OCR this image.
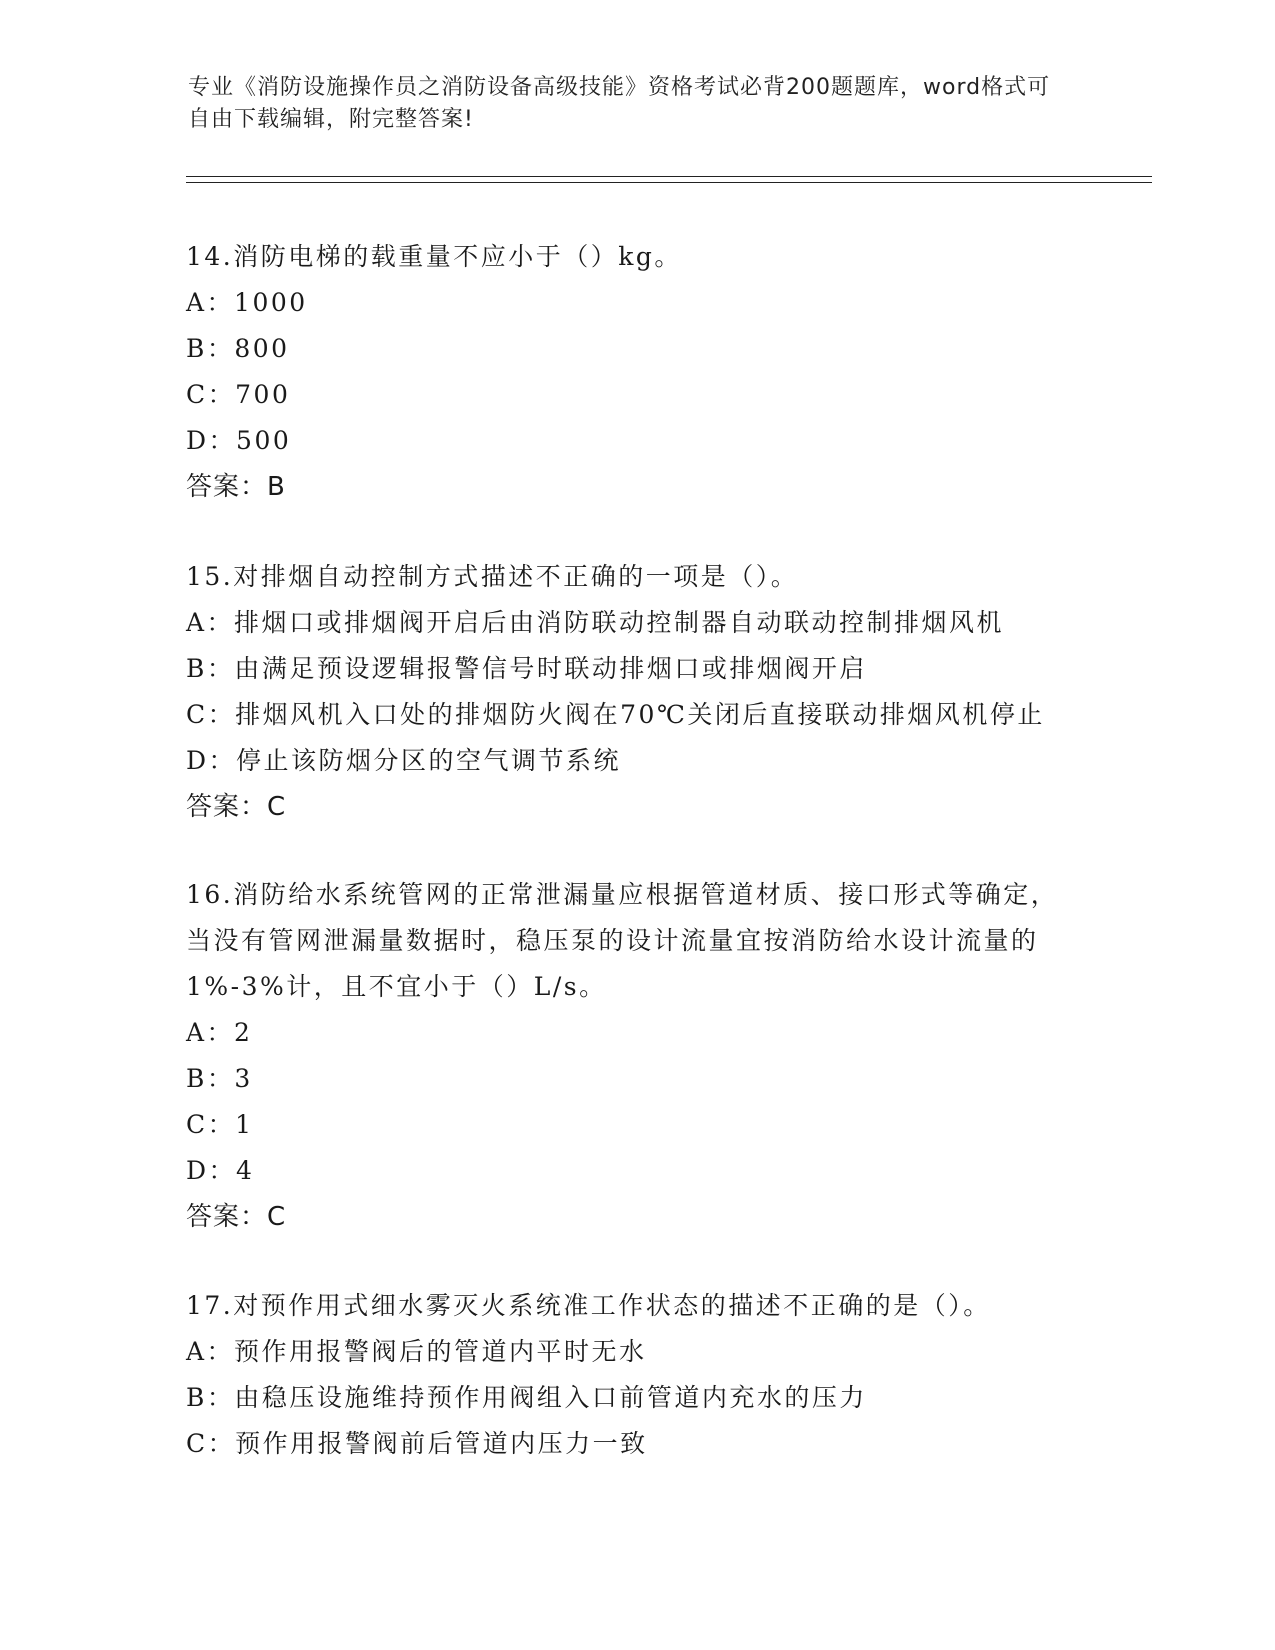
专业《消防设施操作员之消防设备高级技能》资格考试必背200题题库，word格式可自由下载编辑，附完整答案!
14.消防电梯的载重量不应小于（）kg。
A：1000
B：800
C：700
D：500
答案：B
15.对排烟自动控制方式描述不正确的一项是（）。
A：排烟口或排烟阀开启后由消防联动控制器自动联动控制排烟风机
B：由满足预设逻辑报警信号时联动排烟口或排烟阀开启
C：排烟风机入口处的排烟防火阀在70℃关闭后直接联动排烟风机停止
D：停止该防烟分区的空气调节系统
答案：C
16.消防给水系统管网的正常泄漏量应根据管道材质、接口形式等确定，当没有管网泄漏量数据时，稳压泵的设计流量宜按消防给水设计流量的1%-3%计，且不宜小于（）L/s。
A：2
B：3
C：1
D：4
答案：C
17.对预作用式细水雾灭火系统准工作状态的描述不正确的是（）。
A：预作用报警阀后的管道内平时无水
B：由稳压设施维持预作用阀组入口前管道内充水的压力
C：预作用报警阀前后管道内压力一致
